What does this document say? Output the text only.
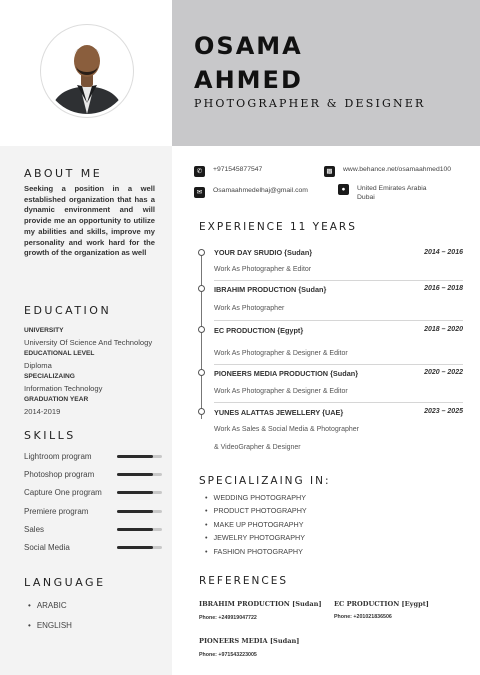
OSAMA
AHMED
PHOTOGRAPHER & DESIGNER
ABOUT ME
Seeking a position in a well established organization that has a dynamic environment and will provide me an opportunity to utilize my abilities and skills, improve my personality and work hard for the growth of the organization as well
EDUCATION
UNIVERSITY
University Of Science And Technology
EDUCATIONAL LEVEL
Diploma
SPECIALIZAING
Information Technology
GRADUATION YEAR
2014-2019
SKILLS
Lightroom program
Photoshop program
Capture One program
Premiere program
Sales
Social Media
LANGUAGE
• ARABIC
• ENGLISH
✆	+971545877547	▩	www.behance.net/osamaahmed100
✉	Osamaahmedelhaj@gmail.com	●	United Emirates Arabia
Dubai
EXPERIENCE 11 YEARS
YOUR DAY SRUDIO {Sudan}	2014 – 2016
Work As Photographer & Editor
IBRAHIM PRODUCTION {Sudan}	2016 – 2018
Work As Photographer
EC PRODUCTION {Egypt}	2018 – 2020
Work As Photographer & Designer & Editor
PIONEERS MEDIA PRODUCTION {Sudan}	2020 – 2022
Work As Photographer & Designer & Editor
YUNES ALATTAS JEWELLERY {UAE}	2023 – 2025
Work As Sales & Social Media & Photographer
& VideoGrapher & Designer
SPECIALIZAING IN:
• WEDDING PHOTOGRAPHY
• PRODUCT PHOTOGRAPHY
• MAKE UP PHOTOGRAPHY
• JEWELRY PHOTOGRAPHY
• FASHION PHOTOGRAPHY
REFERENCES
IBRAHIM PRODUCTION [Sudan]
Phone: +249919047722
EC PRODUCTION [Eygpt]
Phone: +201021836506
PIONEERS MEDIA [Sudan]
Phone: +971543223005
